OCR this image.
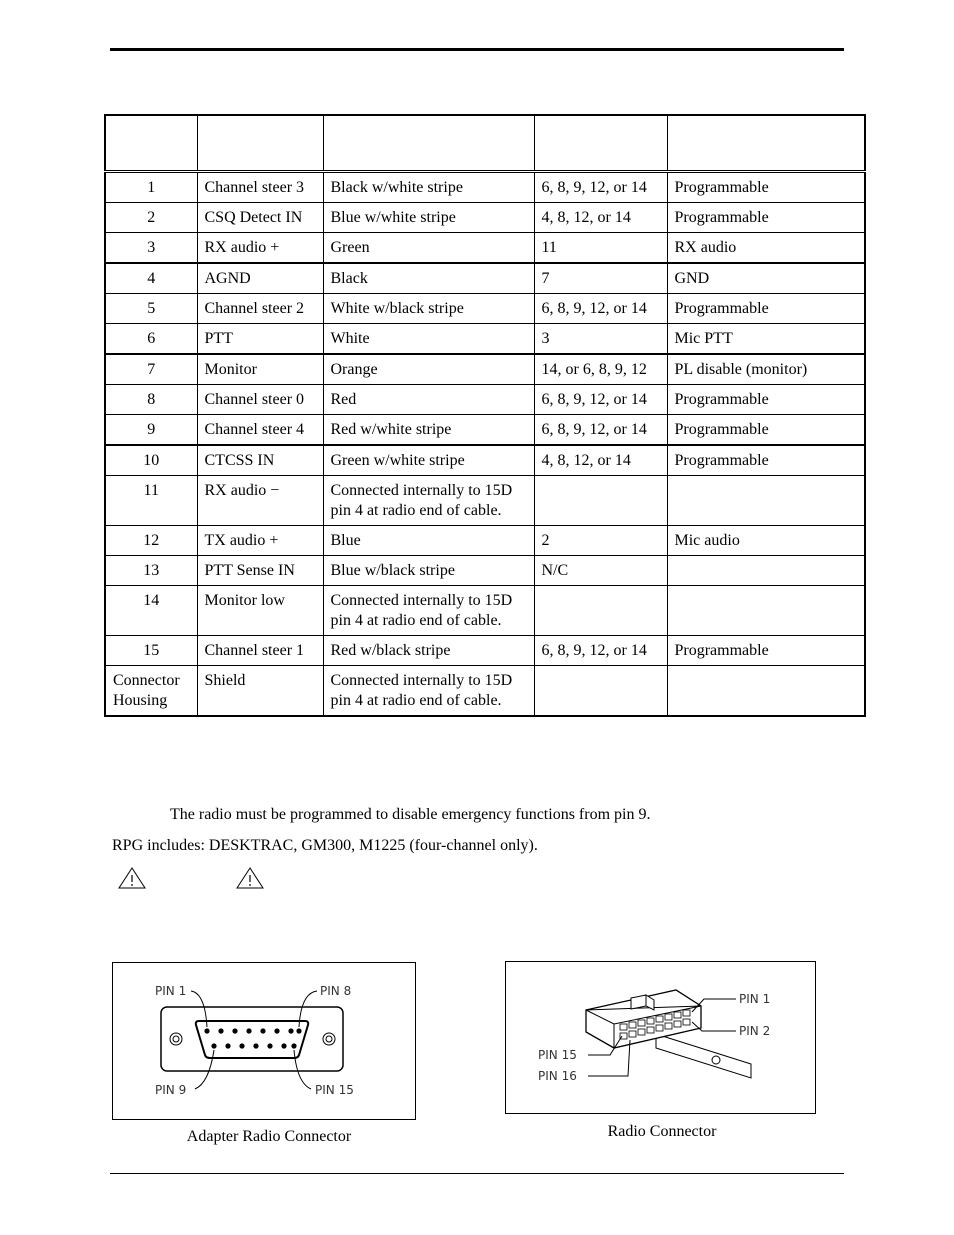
1	Channel steer 3	Black w/white stripe	6, 8, 9, 12, or 14	Programmable
2	CSQ Detect IN	Blue w/white stripe	4, 8, 12, or 14	Programmable
3	RX audio +	Green	11	RX audio
4	AGND	Black	7	GND
5	Channel steer 2	White w/black stripe	6, 8, 9, 12, or 14	Programmable
6	PTT	White	3	Mic PTT
7	Monitor	Orange	14, or 6, 8, 9, 12	PL disable (monitor)
8	Channel steer 0	Red	6, 8, 9, 12, or 14	Programmable
9	Channel steer 4	Red w/white stripe	6, 8, 9, 12, or 14	Programmable
10	CTCSS IN	Green w/white stripe	4, 8, 12, or 14	Programmable
11	RX audio −	Connected internally to 15D pin 4 at radio end of cable.		
12	TX audio +	Blue	2	Mic audio
13	PTT Sense IN	Blue w/black stripe	N/C	
14	Monitor low	Connected internally to 15D pin 4 at radio end of cable.		
15	Channel steer 1	Red w/black stripe	6, 8, 9, 12, or 14	Programmable
Connector Housing	Shield	Connected internally to 15D pin 4 at radio end of cable.		
The radio must be programmed to disable emergency functions from pin 9.
RPG includes: DESKTRAC, GM300, M1225 (four-channel only).
PIN 1	PIN 8
PIN 9	PIN 15
Adapter Radio Connector
PIN 1
PIN 2
PIN 15
PIN 16
Radio Connector
